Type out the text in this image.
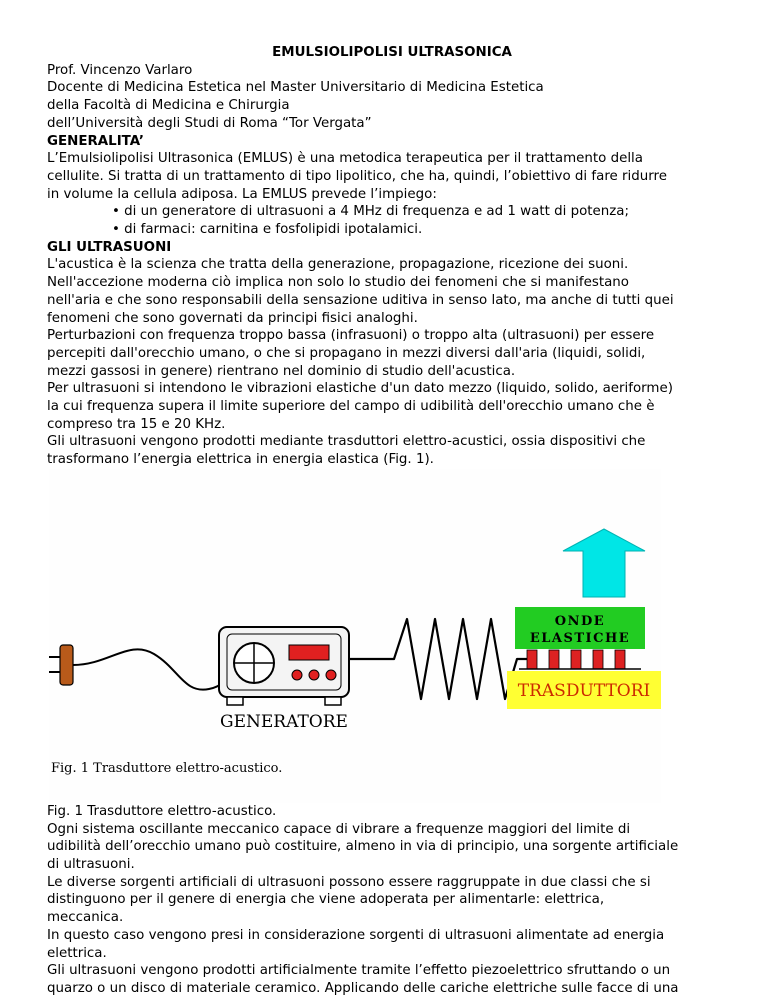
EMULSIOLIPOLISI ULTRASONICA
Prof. Vincenzo Varlaro
Docente di Medicina Estetica nel Master Universitario di Medicina Estetica
della Facoltà di Medicina e Chirurgia
dell’Università degli Studi di Roma “Tor Vergata”
GENERALITA’
L’Emulsiolipolisi Ultrasonica (EMLUS) è una metodica terapeutica per il trattamento della
cellulite. Si tratta di un trattamento di tipo lipolitico, che ha, quindi, l’obiettivo di fare ridurre
in volume la cellula adiposa. La EMLUS prevede l’impiego:
• di un generatore di ultrasuoni a 4 MHz di frequenza e ad 1 watt di potenza;
• di farmaci: carnitina e fosfolipidi ipotalamici.
GLI ULTRASUONI
L'acustica è la scienza che tratta della generazione, propagazione, ricezione dei suoni.
Nell'accezione moderna ciò implica non solo lo studio dei fenomeni che si manifestano
nell'aria e che sono responsabili della sensazione uditiva in senso lato, ma anche di tutti quei
fenomeni che sono governati da principi fisici analoghi.
Perturbazioni con frequenza troppo bassa (infrasuoni) o troppo alta (ultrasuoni) per essere
percepiti dall'orecchio umano, o che si propagano in mezzi diversi dall'aria (liquidi, solidi,
mezzi gassosi in genere) rientrano nel dominio di studio dell'acustica.
Per ultrasuoni si intendono le vibrazioni elastiche d'un dato mezzo (liquido, solido, aeriforme)
la cui frequenza supera il limite superiore del campo di udibilità dell'orecchio umano che è
compreso tra 15 e 20 KHz.
Gli ultrasuoni vengono prodotti mediante trasduttori elettro-acustici, ossia dispositivi che
trasformano l’energia elettrica in energia elastica (Fig. 1).
ONDE
ELASTICHE
TRASDUTTORI
GENERATORE
Fig. 1 Trasduttore elettro-acustico.
Fig. 1 Trasduttore elettro-acustico.
Ogni sistema oscillante meccanico capace di vibrare a frequenze maggiori del limite di
udibilità dell’orecchio umano può costituire, almeno in via di principio, una sorgente artificiale
di ultrasuoni.
Le diverse sorgenti artificiali di ultrasuoni possono essere raggruppate in due classi che si
distinguono per il genere di energia che viene adoperata per alimentarle: elettrica,
meccanica.
In questo caso vengono presi in considerazione sorgenti di ultrasuoni alimentate ad energia
elettrica.
Gli ultrasuoni vengono prodotti artificialmente tramite l’effetto piezoelettrico sfruttando o un
quarzo o un disco di materiale ceramico. Applicando delle cariche elettriche sulle facce di una
